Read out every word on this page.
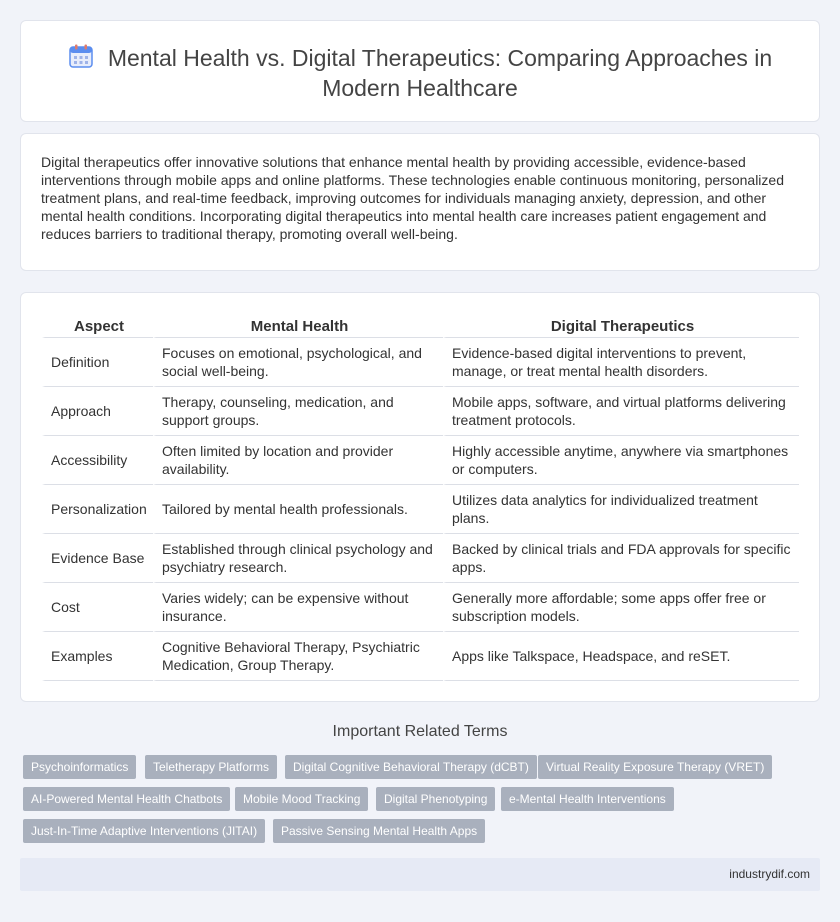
Mental Health vs. Digital Therapeutics: Comparing Approaches in Modern Healthcare

Digital therapeutics offer innovative solutions that enhance mental health by providing accessible, evidence-based interventions through mobile apps and online platforms. These technologies enable continuous monitoring, personalized treatment plans, and real-time feedback, improving outcomes for individuals managing anxiety, depression, and other mental health conditions. Incorporating digital therapeutics into mental health care increases patient engagement and reduces barriers to traditional therapy, promoting overall well-being.

Aspect	Mental Health	Digital Therapeutics
Definition	Focuses on emotional, psychological, and social well-being.	Evidence-based digital interventions to prevent, manage, or treat mental health disorders.
Approach	Therapy, counseling, medication, and support groups.	Mobile apps, software, and virtual platforms delivering treatment protocols.
Accessibility	Often limited by location and provider availability.	Highly accessible anytime, anywhere via smartphones or computers.
Personalization	Tailored by mental health professionals.	Utilizes data analytics for individualized treatment plans.
Evidence Base	Established through clinical psychology and psychiatry research.	Backed by clinical trials and FDA approvals for specific apps.
Cost	Varies widely; can be expensive without insurance.	Generally more affordable; some apps offer free or subscription models.
Examples	Cognitive Behavioral Therapy, Psychiatric Medication, Group Therapy.	Apps like Talkspace, Headspace, and reSET.
Important Related Terms
Psychoinformatics	Teletherapy Platforms	Digital Cognitive Behavioral Therapy (dCBT)	Virtual Reality Exposure Therapy (VRET)
AI-Powered Mental Health Chatbots	Mobile Mood Tracking	Digital Phenotyping	e-Mental Health Interventions
Just-In-Time Adaptive Interventions (JITAI)	Passive Sensing Mental Health Apps
industrydif.com
